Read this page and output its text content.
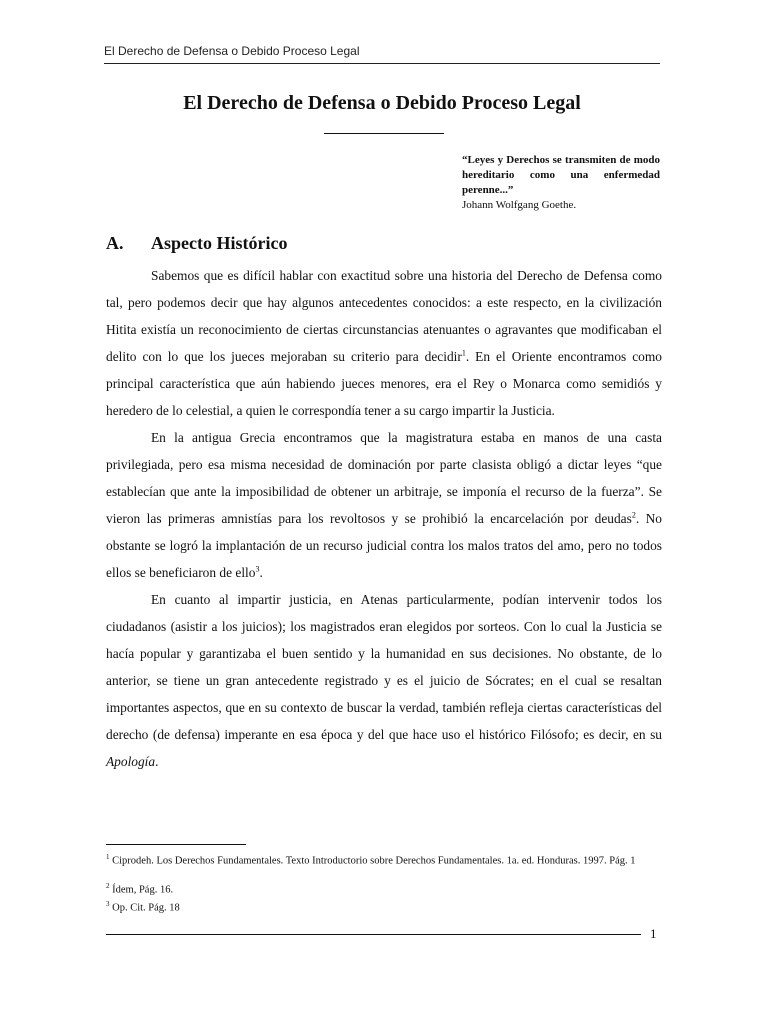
El Derecho de Defensa o Debido Proceso Legal
El Derecho de Defensa o Debido Proceso Legal
“Leyes y Derechos se transmiten de modo hereditario como una enfermedad perenne...”
Johann Wolfgang Goethe.
A. Aspecto Histórico

Sabemos que es difícil hablar con exactitud sobre una historia del Derecho de Defensa como tal, pero podemos decir que hay algunos antecedentes conocidos: a este respecto, en la civilización Hitita existía un reconocimiento de ciertas circunstancias atenuantes o agravantes que modificaban el delito con lo que los jueces mejoraban su criterio para decidir$^1$. En el Oriente encontramos como principal característica que aún habiendo jueces menores, era el Rey o Monarca como semidiós y heredero de lo celestial, a quien le correspondía tener a su cargo impartir la Justicia.

En la antigua Grecia encontramos que la magistratura estaba en manos de una casta privilegiada, pero esa misma necesidad de dominación por parte clasista obligó a dictar leyes “que establecían que ante la imposibilidad de obtener un arbitraje, se imponía el recurso de la fuerza”. Se vieron las primeras amnistías para los revoltosos y se prohibió la encarcelación por deudas$^2$. No obstante se logró la implantación de un recurso judicial contra los malos tratos del amo, pero no todos ellos se beneficiaron de ello$^3$.

En cuanto al impartir justicia, en Atenas particularmente, podían intervenir todos los ciudadanos (asistir a los juicios); los magistrados eran elegidos por sorteos. Con lo cual la Justicia se hacía popular y garantizaba el buen sentido y la humanidad en sus decisiones. No obstante, de lo anterior, se tiene un gran antecedente registrado y es el juicio de Sócrates; en el cual se resaltan importantes aspectos, que en su contexto de buscar la verdad, también refleja ciertas características del derecho (de defensa) imperante en esa época y del que hace uso el histórico Filósofo; es decir, en su Apología.

$^1$ Ciprodeh. Los Derechos Fundamentales. Texto Introductorio sobre Derechos Fundamentales. 1a. ed. Honduras. 1997. Pág. 1

$^2$ Ídem, Pág. 16.

$^3$ Op. Cit. Pág. 18

1
